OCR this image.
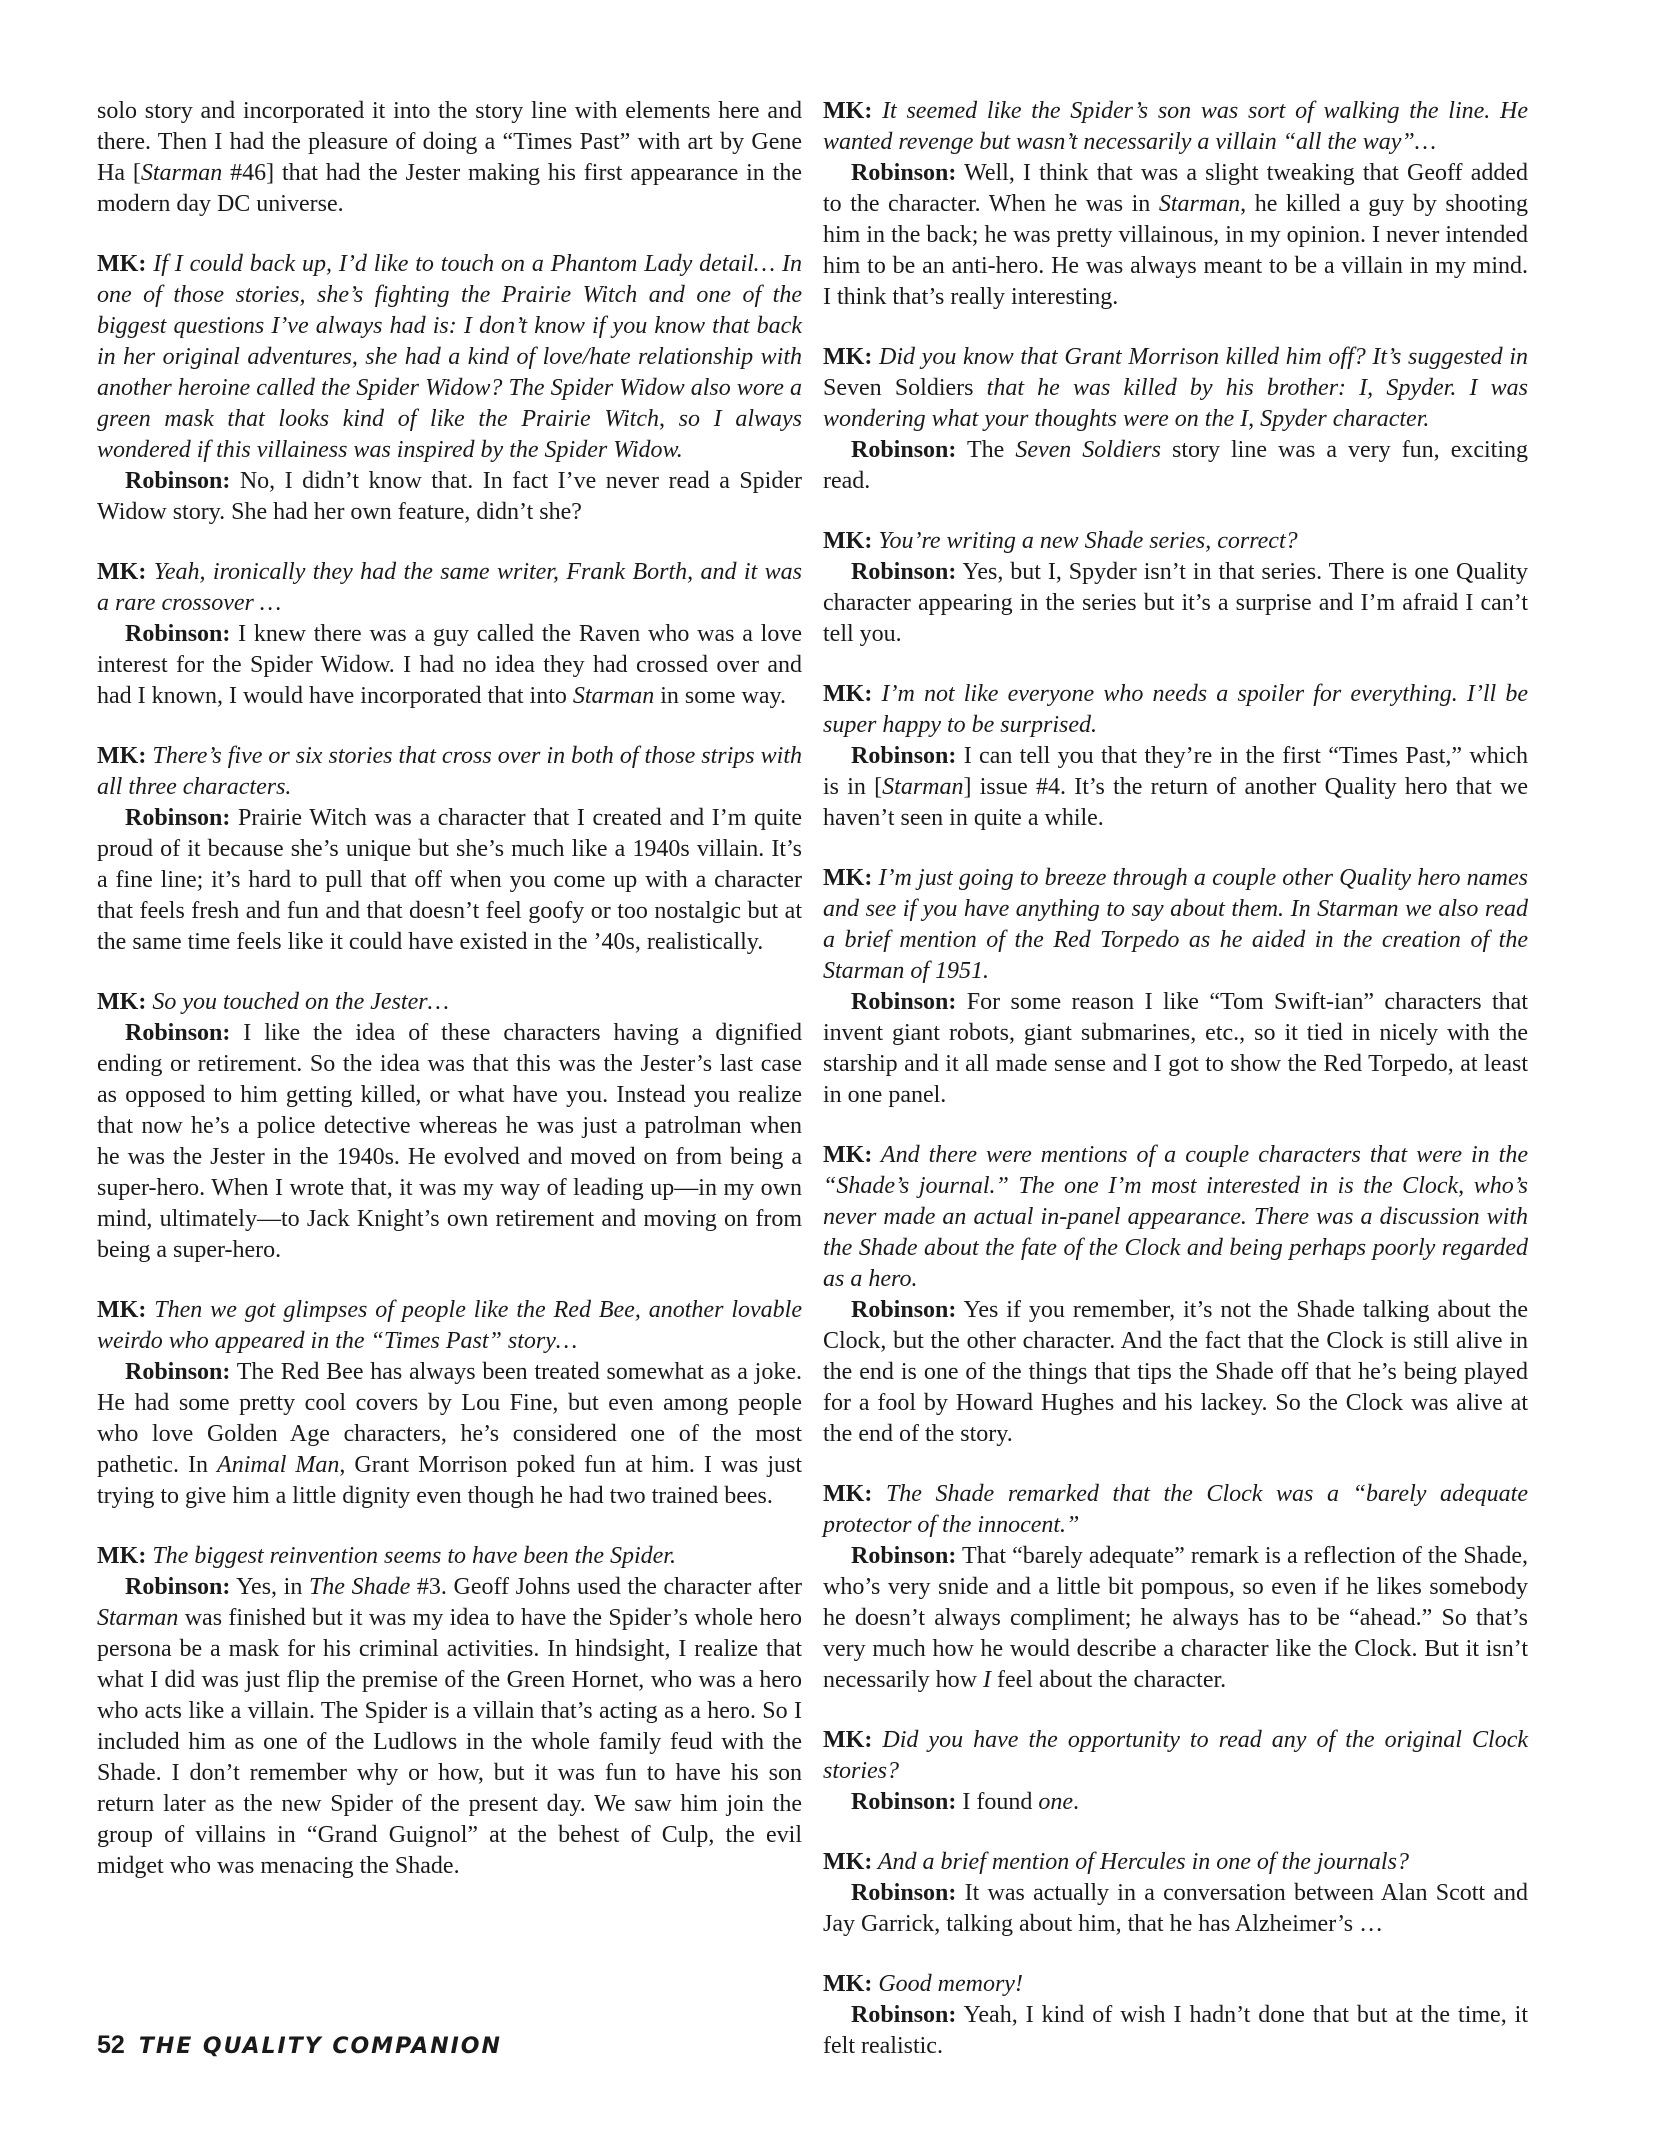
solo story and incorporated it into the story line with elements here and there. Then I had the pleasure of doing a “Times Past” with art by Gene Ha [Starman #46] that had the Jester making his first appearance in the modern day DC universe.

MK: If I could back up, I’d like to touch on a Phantom Lady detail… In one of those stories, she’s fighting the Prairie Witch and one of the biggest questions I’ve always had is: I don’t know if you know that back in her original adventures, she had a kind of love/hate relationship with another heroine called the Spider Widow? The Spider Widow also wore a green mask that looks kind of like the Prairie Witch, so I always wondered if this villainess was inspired by the Spider Widow.

Robinson: No, I didn’t know that. In fact I’ve never read a Spider Widow story. She had her own feature, didn’t she?

MK: Yeah, ironically they had the same writer, Frank Borth, and it was a rare crossover …

Robinson: I knew there was a guy called the Raven who was a love interest for the Spider Widow. I had no idea they had crossed over and had I known, I would have incorporated that into Starman in some way.

MK: There’s five or six stories that cross over in both of those strips with all three characters.

Robinson: Prairie Witch was a character that I created and I’m quite proud of it because she’s unique but she’s much like a 1940s villain. It’s a fine line; it’s hard to pull that off when you come up with a character that feels fresh and fun and that doesn’t feel goofy or too nostalgic but at the same time feels like it could have existed in the ’40s, realistically.

MK: So you touched on the Jester…

Robinson: I like the idea of these characters having a dignified ending or retirement. So the idea was that this was the Jester’s last case as opposed to him getting killed, or what have you. Instead you realize that now he’s a police detective whereas he was just a patrolman when he was the Jester in the 1940s. He evolved and moved on from being a super-hero. When I wrote that, it was my way of leading up—in my own mind, ultimately—to Jack Knight’s own retirement and moving on from being a super-hero.

MK: Then we got glimpses of people like the Red Bee, another lovable weirdo who appeared in the “Times Past” story…

Robinson: The Red Bee has always been treated somewhat as a joke. He had some pretty cool covers by Lou Fine, but even among people who love Golden Age characters, he’s considered one of the most pathetic. In Animal Man, Grant Morrison poked fun at him. I was just trying to give him a little dignity even though he had two trained bees.

MK: The biggest reinvention seems to have been the Spider.

Robinson: Yes, in The Shade #3. Geoff Johns used the character after Starman was finished but it was my idea to have the Spider’s whole hero persona be a mask for his criminal activities. In hindsight, I realize that what I did was just flip the premise of the Green Hornet, who was a hero who acts like a villain. The Spider is a villain that’s acting as a hero. So I included him as one of the Ludlows in the whole family feud with the Shade. I don’t remember why or how, but it was fun to have his son return later as the new Spider of the present day. We saw him join the group of villains in “Grand Guignol” at the behest of Culp, the evil midget who was menacing the Shade.

MK: It seemed like the Spider’s son was sort of walking the line. He wanted revenge but wasn’t necessarily a villain “all the way”…

Robinson: Well, I think that was a slight tweaking that Geoff added to the character. When he was in Starman, he killed a guy by shooting him in the back; he was pretty villainous, in my opinion. I never intended him to be an anti-hero. He was always meant to be a villain in my mind. I think that’s really interesting.

MK: Did you know that Grant Morrison killed him off? It’s suggested in Seven Soldiers that he was killed by his brother: I, Spyder. I was wondering what your thoughts were on the I, Spyder character.

Robinson: The Seven Soldiers story line was a very fun, exciting read.

MK: You’re writing a new Shade series, correct?

Robinson: Yes, but I, Spyder isn’t in that series. There is one Quality character appearing in the series but it’s a surprise and I’m afraid I can’t tell you.

MK: I’m not like everyone who needs a spoiler for everything. I’ll be super happy to be surprised.

Robinson: I can tell you that they’re in the first “Times Past,” which is in [Starman] issue #4. It’s the return of another Quality hero that we haven’t seen in quite a while.

MK: I’m just going to breeze through a couple other Quality hero names and see if you have anything to say about them. In Starman we also read a brief mention of the Red Torpedo as he aided in the creation of the Starman of 1951.

Robinson: For some reason I like “Tom Swift-ian” characters that invent giant robots, giant submarines, etc., so it tied in nicely with the starship and it all made sense and I got to show the Red Torpedo, at least in one panel.

MK: And there were mentions of a couple characters that were in the “Shade’s journal.” The one I’m most interested in is the Clock, who’s never made an actual in-panel appearance. There was a discussion with the Shade about the fate of the Clock and being perhaps poorly regarded as a hero.

Robinson: Yes if you remember, it’s not the Shade talking about the Clock, but the other character. And the fact that the Clock is still alive in the end is one of the things that tips the Shade off that he’s being played for a fool by Howard Hughes and his lackey. So the Clock was alive at the end of the story.

MK: The Shade remarked that the Clock was a “barely adequate protector of the innocent.”

Robinson: That “barely adequate” remark is a reflection of the Shade, who’s very snide and a little bit pompous, so even if he likes somebody he doesn’t always compliment; he always has to be “ahead.” So that’s very much how he would describe a character like the Clock. But it isn’t necessarily how I feel about the character.

MK: Did you have the opportunity to read any of the original Clock stories?

Robinson: I found one.

MK: And a brief mention of Hercules in one of the journals?

Robinson: It was actually in a conversation between Alan Scott and Jay Garrick, talking about him, that he has Alzheimer’s …

MK: Good memory!

Robinson: Yeah, I kind of wish I hadn’t done that but at the time, it felt realistic.

52 THE QUALITY COMPANION
